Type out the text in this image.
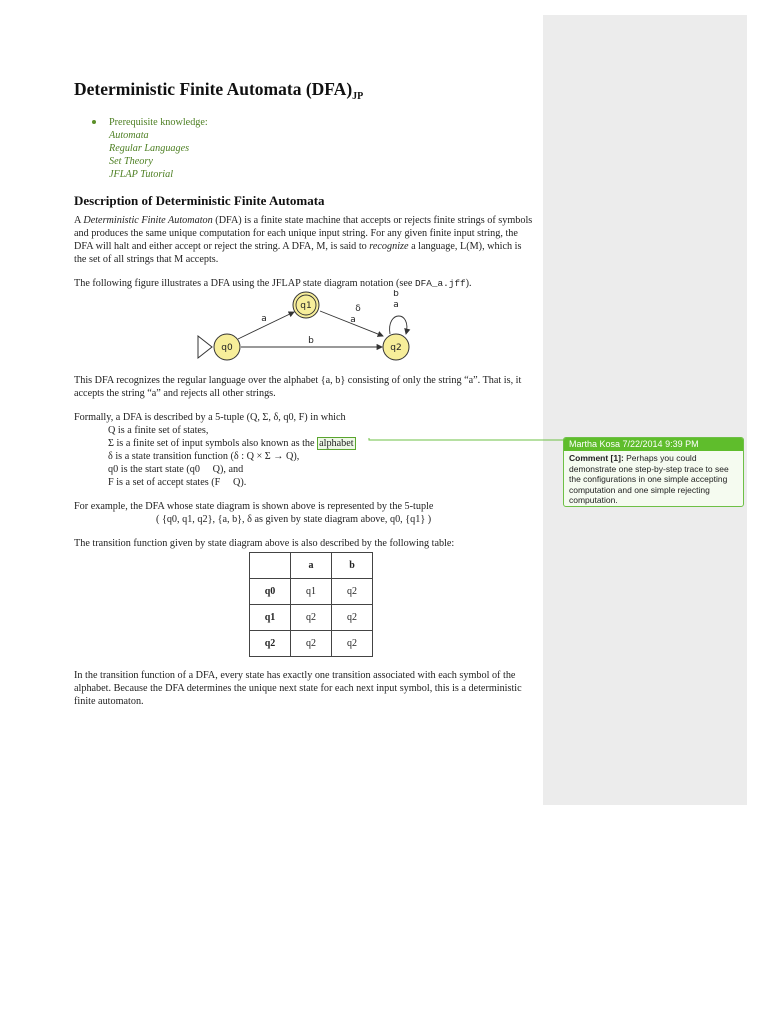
Deterministic Finite Automata $(DFA)_{JP}$
Prerequisite knowledge:
Automata
Regular Languages
Set Theory
JFLAP Tutorial
Description of Deterministic Finite Automata

A Deterministic Finite Automaton (DFA) is a finite state machine that accepts or rejects finite strings of symbols and produces the same unique computation for each unique input string. For any given finite input string, the DFA will halt and either accept or reject the string. A DFA, M, is said to recognize a language, L(M), which is the set of all strings that M accepts.

The following figure illustrates a DFA using the JFLAP state diagram notation (see DFA_a.jff).

q0
q1
q2
a
b
δ
a
b
a

This DFA recognizes the regular language over the alphabet {a, b} consisting of only the string “a”. That is, it accepts the string “a” and rejects all other strings.

Formally, a DFA is described by a 5-tuple (Q, Σ, δ, q0, F) in which
Q is a finite set of states,
Σ is a finite set of input symbols also known as the alphabet
δ is a state transition function (δ : Q × Σ → Q),
q0 is the start state (q0     Q), and
F is a set of accept states (F     Q).
For example, the DFA whose state diagram is shown above is represented by the 5-tuple
( {q0, q1, q2}, {a, b}, δ as given by state diagram above, q0, {q1} )

The transition function given by state diagram above is also described by the following table:

	a	b
q0	q1	q2
q1	q2	q2
q2	q2	q2

In the transition function of a DFA, every state has exactly one transition associated with each symbol of the alphabet. Because the DFA determines the unique next state for each next input symbol, this is a deterministic finite automaton.

Martha Kosa 7/22/2014 9:39 PM
Comment [1]: Perhaps you could demonstrate one step-by-step trace to see the configurations in one simple accepting computation and one simple rejecting computation.
